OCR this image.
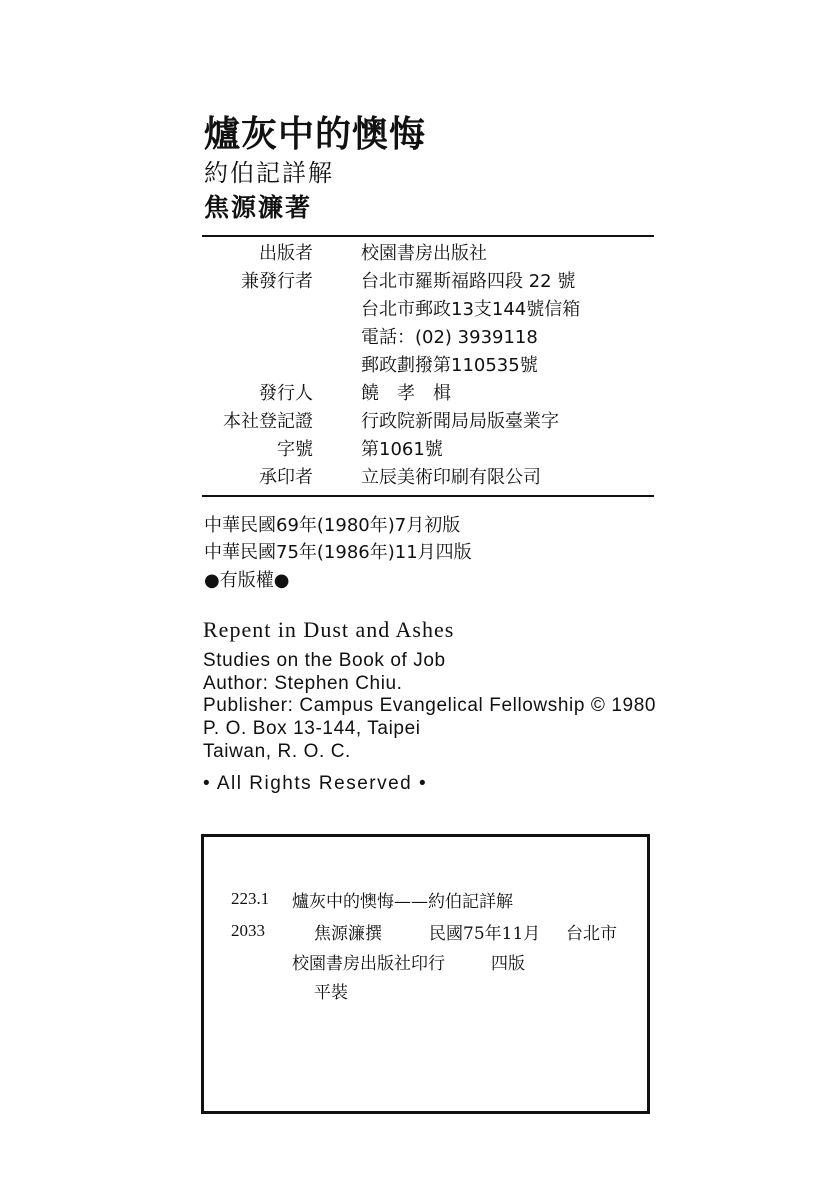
爐灰中的懊悔
約伯記詳解
焦源濂著
出版者	校園書房出版社
兼發行者	台北市羅斯福路四段 22 號
台北市郵政13支144號信箱
電話：(02) 3939118
郵政劃撥第110535號
發行人	饒　孝　楫
本社登記證	行政院新聞局局版臺業字
字號	第1061號
承印者	立辰美術印刷有限公司
中華民國69年(1980年)7月初版
中華民國75年(1986年)11月四版
●有版權●
Repent in Dust and Ashes
Studies on the Book of Job
Author: Stephen Chiu.
Publisher: Campus Evangelical Fellowship © 1980
P. O. Box 13-144, Taipei
Taiwan, R. O. C.
• All Rights Reserved •
223.1 爐灰中的懊悔——約伯記詳解
2033	焦源濂撰	民國75年11月 台北市
校園書房出版社印行	四版
平裝
